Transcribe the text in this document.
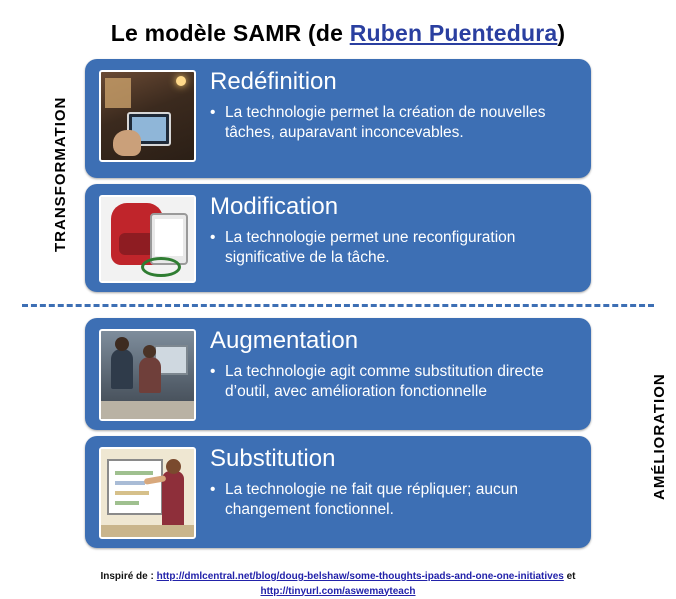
Le modèle SAMR (de Ruben Puentedura)
TRANSFORMATION
AMÉLIORATION
Redéfinition
• La technologie permet la création de nouvelles tâches, auparavant inconcevables.
Modification
• La technologie permet une reconfiguration significative de la tâche.
Augmentation
• La technologie agit comme substitution directe d’outil, avec amélioration fonctionnelle
Substitution
• La technologie ne fait que répliquer; aucun changement fonctionnel.
Inspiré de : http://dmlcentral.net/blog/doug-belshaw/some-thoughts-ipads-and-one-one-initiatives et
http://tinyurl.com/aswemayteach
